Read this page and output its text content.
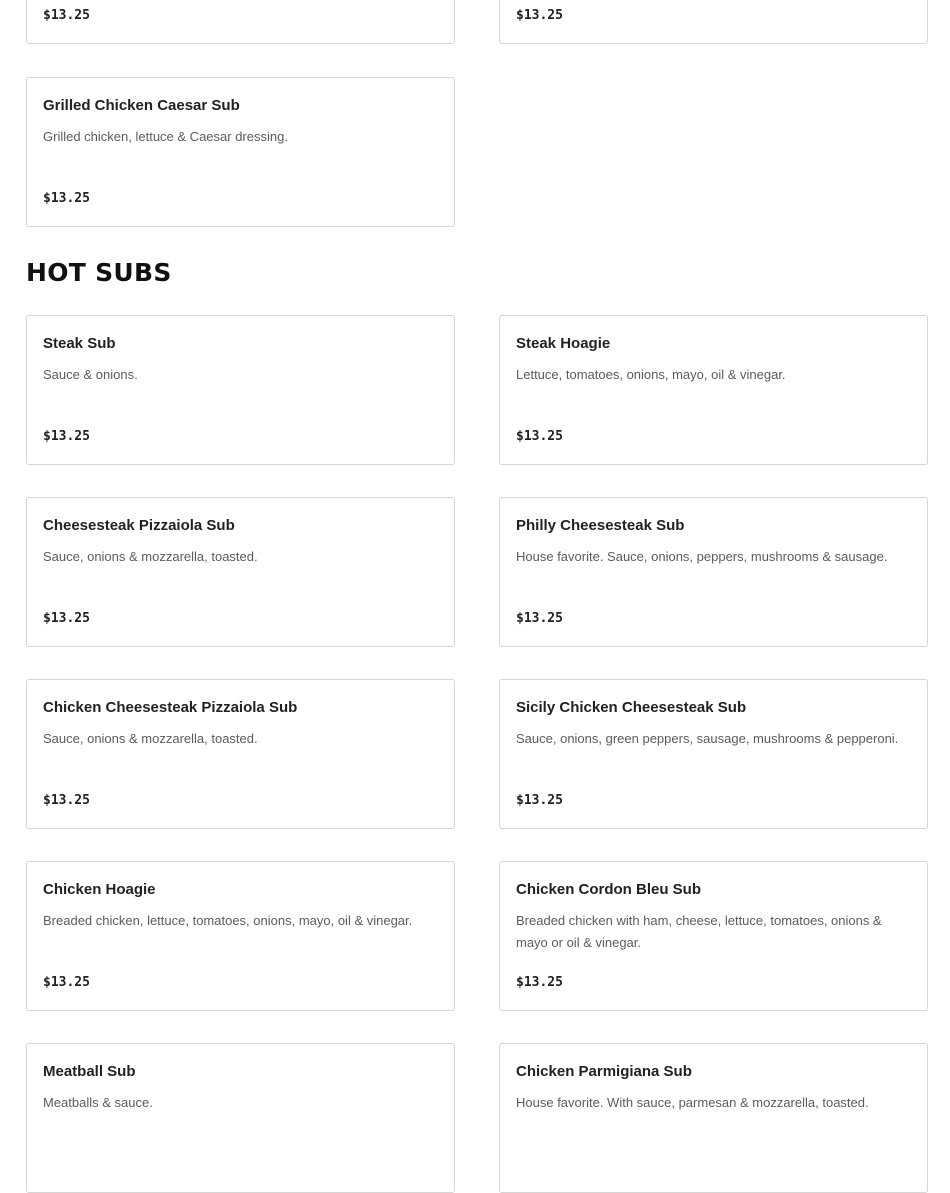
$13.25	$13.25
Grilled Chicken Caesar Sub
Grilled chicken, lettuce & Caesar dressing.
$13.25
HOT SUBS
Steak Sub
Sauce & onions.
$13.25
Steak Hoagie
Lettuce, tomatoes, onions, mayo, oil & vinegar.
$13.25
Cheesesteak Pizzaiola Sub
Sauce, onions & mozzarella, toasted.
$13.25
Philly Cheesesteak Sub
House favorite. Sauce, onions, peppers, mushrooms & sausage.
$13.25
Chicken Cheesesteak Pizzaiola Sub
Sauce, onions & mozzarella, toasted.
$13.25
Sicily Chicken Cheesesteak Sub
Sauce, onions, green peppers, sausage, mushrooms & pepperoni.
$13.25
Chicken Hoagie
Breaded chicken, lettuce, tomatoes, onions, mayo, oil & vinegar.
$13.25
Chicken Cordon Bleu Sub
Breaded chicken with ham, cheese, lettuce, tomatoes, onions & mayo or oil & vinegar.
$13.25
Meatball Sub
Meatballs & sauce.
Chicken Parmigiana Sub
House favorite. With sauce, parmesan & mozzarella, toasted.
